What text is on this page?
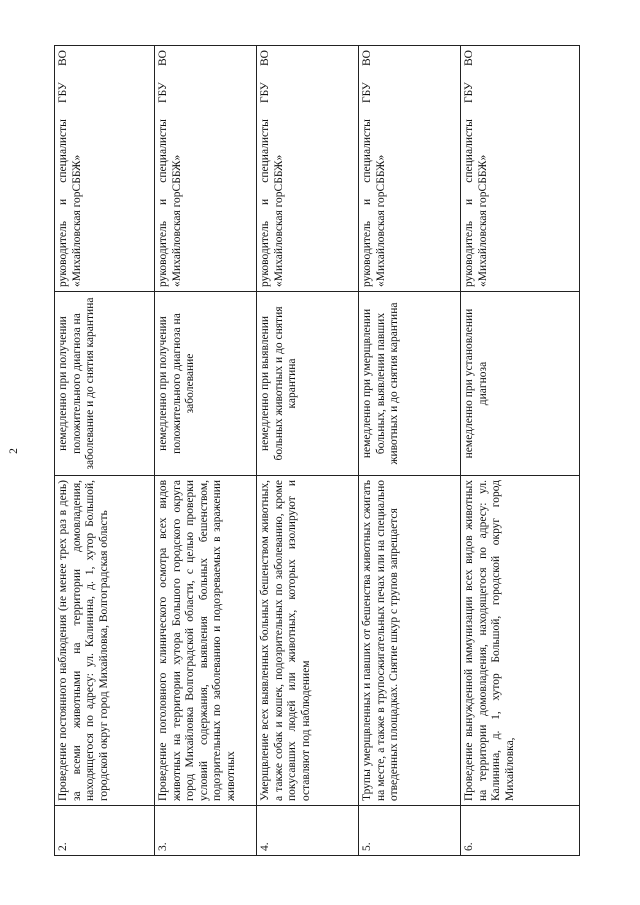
2
2.	Проведение постоянного наблюдения (не менее трех раз в день) за всеми животными на территории домовладения, находящегося по адресу: ул. Калинина, д. 1, хутор Большой, городской округ город Михайловка, Волгоградская область	немедленно при получении положительного диагноза на заболевание и до снятия карантина	руководитель и специалисты ГБУ ВО «Михайловская горСББЖ»
3.	Проведение поголовного клинического осмотра всех видов животных на территории хутора Большого городского округа город Михайловка Волгоградской области, с целью проверки условий содержания, выявления больных бешенством, подозрительных по заболеванию и подозреваемых в заражении животных	немедленно при получении положительного диагноза на заболевание	руководитель и специалисты ГБУ ВО «Михайловская горСББЖ»
4.	Умерщвление всех выявленных больных бешенством животных, а также собак и кошек, подозрительных по заболеванию, кроме покусавших людей или животных, которых изолируют и оставляют под наблюдением	немедленно при выявлении больных животных и до снятия карантина	руководитель и специалисты ГБУ ВО «Михайловская горСББЖ»
5.	Трупы умерщвленных и павших от бешенства животных сжигать на месте, а также в трупосжигательных печах или на специально отведенных площадках. Снятие шкур с трупов запрещается	немедленно при умерщвлении больных, выявлении павших животных и до снятия карантина	руководитель и специалисты ГБУ ВО «Михайловская горСББЖ»
6.	Проведение вынужденной иммунизации всех видов животных на территории домовладения, находящегося по адресу: ул. Калинина, д. 1, хутор Большой, городской округ город Михайловка,	немедленно при установлении диагноза	руководитель и специалисты ГБУ ВО «Михайловская горСББЖ»
